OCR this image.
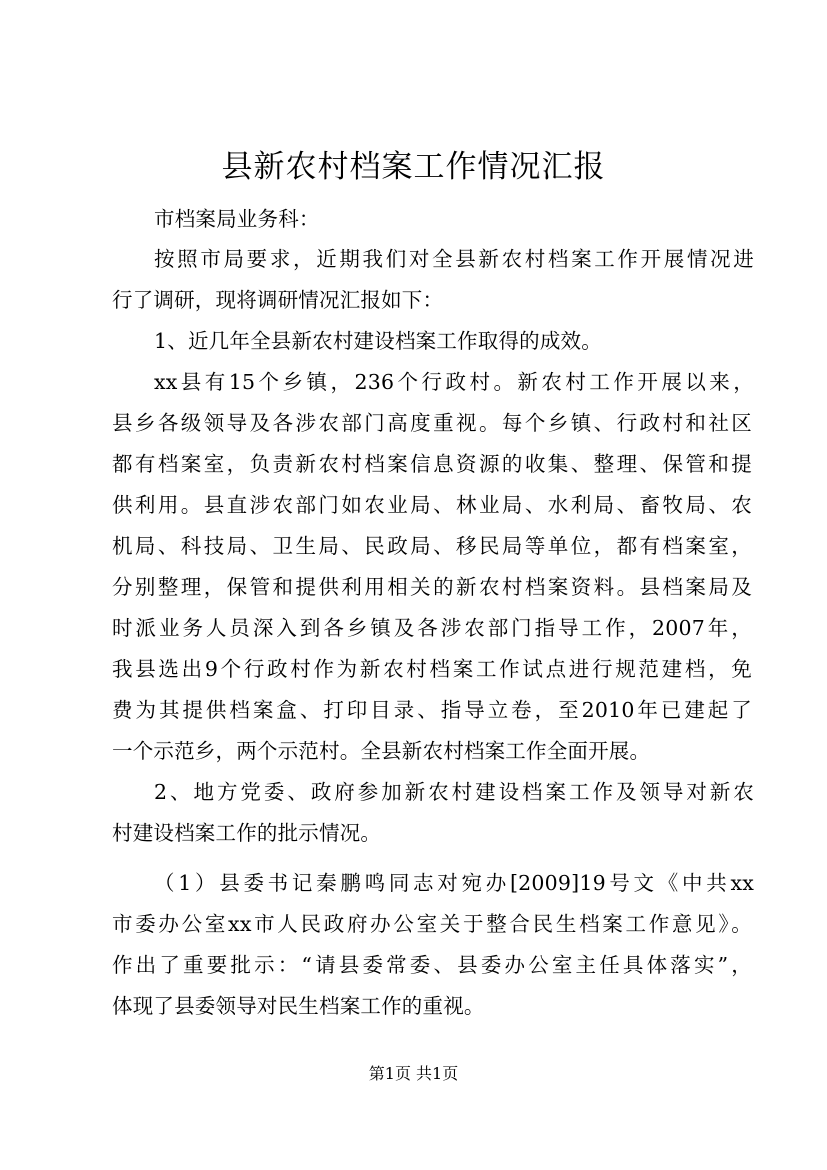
县新农村档案工作情况汇报
市档案局业务科：
按照市局要求，近期我们对全县新农村档案工作开展情况进
行了调研，现将调研情况汇报如下：
1、近几年全县新农村建设档案工作取得的成效。
xx县有15个乡镇，236个行政村。新农村工作开展以来，
县乡各级领导及各涉农部门高度重视。每个乡镇、行政村和社区
都有档案室，负责新农村档案信息资源的收集、整理、保管和提
供利用。县直涉农部门如农业局、林业局、水利局、畜牧局、农
机局、科技局、卫生局、民政局、移民局等单位，都有档案室，
分别整理，保管和提供利用相关的新农村档案资料。县档案局及
时派业务人员深入到各乡镇及各涉农部门指导工作，2007年，
我县选出9个行政村作为新农村档案工作试点进行规范建档，免
费为其提供档案盒、打印目录、指导立卷，至2010年已建起了
一个示范乡，两个示范村。全县新农村档案工作全面开展。
2、地方党委、政府参加新农村建设档案工作及领导对新农
村建设档案工作的批示情况。
（1）县委书记秦鹏鸣同志对宛办[2009]19号文《中共xx
市委办公室xx市人民政府办公室关于整合民生档案工作意见》。
作出了重要批示：“请县委常委、县委办公室主任具体落实”，
体现了县委领导对民生档案工作的重视。
第1页 共1页
